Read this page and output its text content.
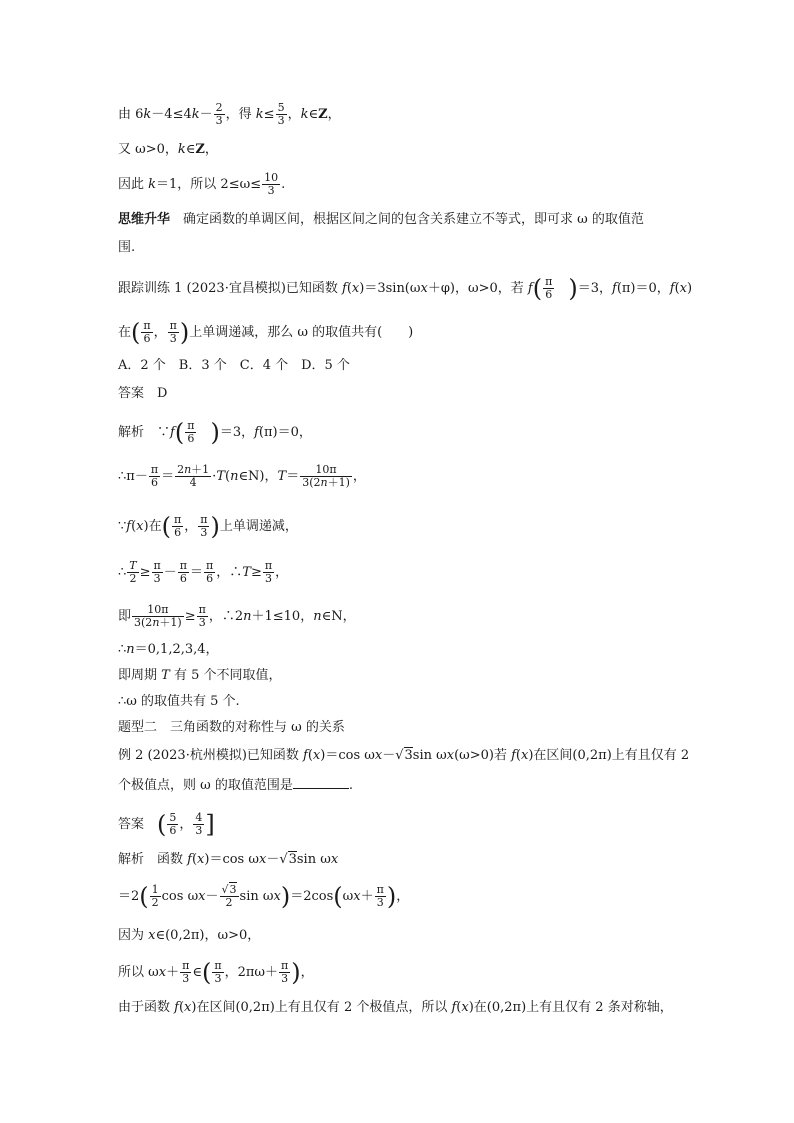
由 $6k-4\le 4k- \frac{2}{3}$ ，得 $k\le \frac{5}{3}$ ，k∈Z，
又 ω>0，k∈Z，
因此 k＝1，所以 $2\le\omega\le \frac{10}{3}$ .
思维升华　确定函数的单调区间，根据区间之间的包含关系建立不等式，即可求 ω 的取值范
围.
跟踪训练 1 (2023·宜昌模拟)已知函数 f(x)＝3sin(ωx＋φ)，ω>0，若 $f( \frac{\pi}{6}$
　 )＝3，f(π)＝0，f(x)
在( $\frac{\pi}{6}$ ， $\frac{\pi}{3}$ )上单调递减，那么 ω 的取值共有(　　)
A．2 个　B．3 个　C．4 个　D．5 个
答案　D
解析　∵f( $\frac{\pi}{6}$
　 )＝3，f(π)＝0，
∴π－ $\frac{\pi}{6} = \frac{2n+1}{4}$ ·T(n∈N)，$T= \frac{10\pi}{3(2n+1)}$ ，
∵f(x)在( $\frac{\pi}{6}$ ， $\frac{\pi}{3}$ )上单调递减，
∴ $\frac{T}{2} \ge \frac{\pi}{3} - \frac{\pi}{6} = \frac{\pi}{6}$ ，∴T≥ $\frac{\pi}{3}$ ，
即 $\frac{10\pi}{3(2n+1)} \ge \frac{\pi}{3}$ ，∴2n＋1≤10，n∈N，
∴n＝0,1,2,3,4，
即周期 T 有 5 个不同取值，
∴ω 的取值共有 5 个.
题型二　三角函数的对称性与 ω 的关系
例 2 (2023·杭州模拟)已知函数 f(x)＝cos ωx－√3sin ωx(ω>0)若 f(x)在区间(0,2π)上有且仅有 2
个极值点，则 ω 的取值范围是	.
答案　( $\frac{5}{6}$ ， $\frac{4}{3}$ ]
解析　函数 f(x)＝cos ωx－√3sin ωx
$=2( \frac{1}{2}$ $\cos \omega x- \frac{√3}{2}$ $\sin \omega x)=2\cos(\omega x+ \frac{\pi}{3}$ )，
因为 x∈(0,2π)，ω>0，
所以 $\omega x+ \frac{\pi}{3}$ ∈( $\frac{\pi}{3}$ ，$2\pi\omega+ \frac{\pi}{3}$ )，
由于函数 f(x)在区间(0,2π)上有且仅有 2 个极值点，所以 f(x)在(0,2π)上有且仅有 2 条对称轴，
